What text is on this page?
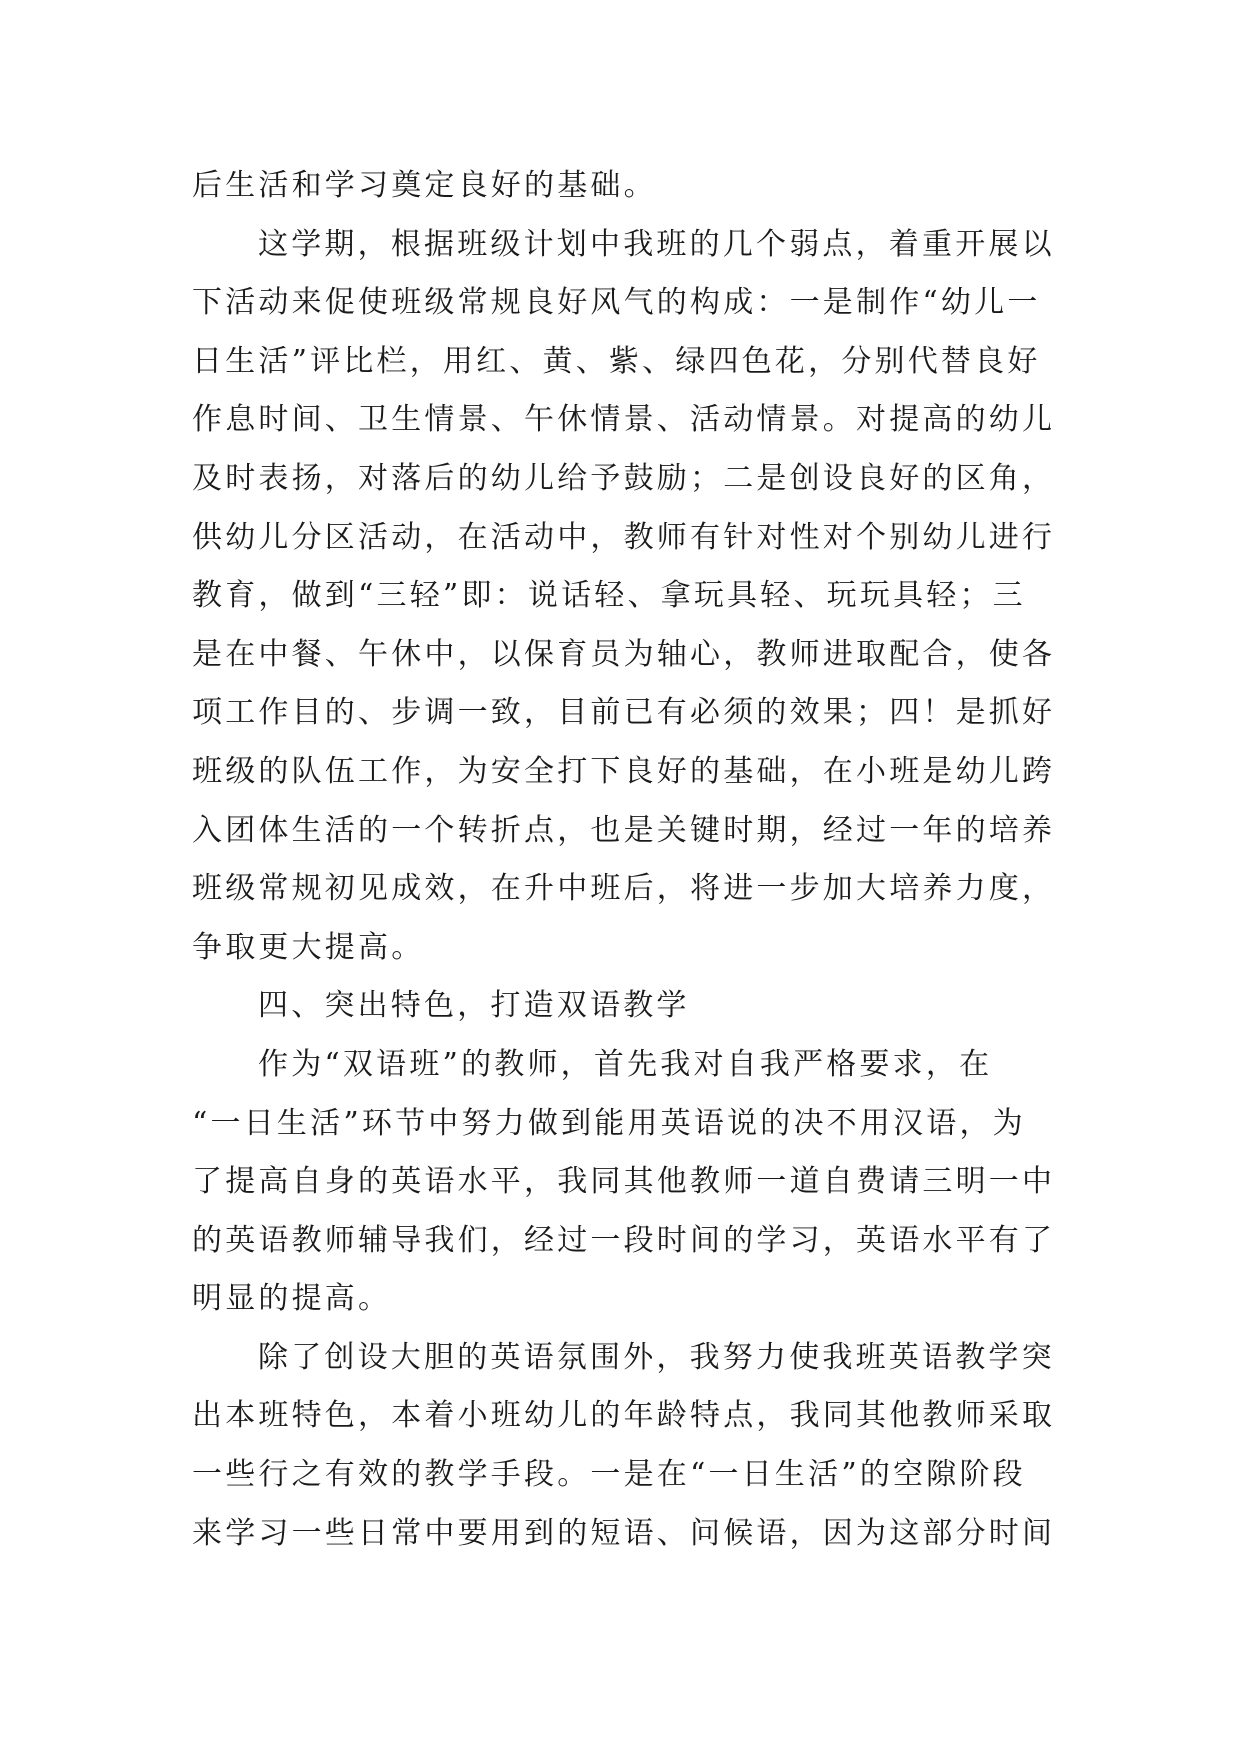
后生活和学习奠定良好的基础。
这学期，根据班级计划中我班的几个弱点，着重开展以
下活动来促使班级常规良好风气的构成：一是制作“幼儿一
日生活”评比栏，用红、黄、紫、绿四色花，分别代替良好
作息时间、卫生情景、午休情景、活动情景。对提高的幼儿
及时表扬，对落后的幼儿给予鼓励；二是创设良好的区角，
供幼儿分区活动，在活动中，教师有针对性对个别幼儿进行
教育，做到“三轻”即：说话轻、拿玩具轻、玩玩具轻；三
是在中餐、午休中，以保育员为轴心，教师进取配合，使各
项工作目的、步调一致，目前已有必须的效果；四！是抓好
班级的队伍工作，为安全打下良好的基础，在小班是幼儿跨
入团体生活的一个转折点，也是关键时期，经过一年的培养
班级常规初见成效，在升中班后，将进一步加大培养力度，
争取更大提高。
四、突出特色，打造双语教学
作为“双语班”的教师，首先我对自我严格要求，在
“一日生活”环节中努力做到能用英语说的决不用汉语，为
了提高自身的英语水平，我同其他教师一道自费请三明一中
的英语教师辅导我们，经过一段时间的学习，英语水平有了
明显的提高。
除了创设大胆的英语氛围外，我努力使我班英语教学突
出本班特色，本着小班幼儿的年龄特点，我同其他教师采取
一些行之有效的教学手段。一是在“一日生活”的空隙阶段
来学习一些日常中要用到的短语、问候语，因为这部分时间
